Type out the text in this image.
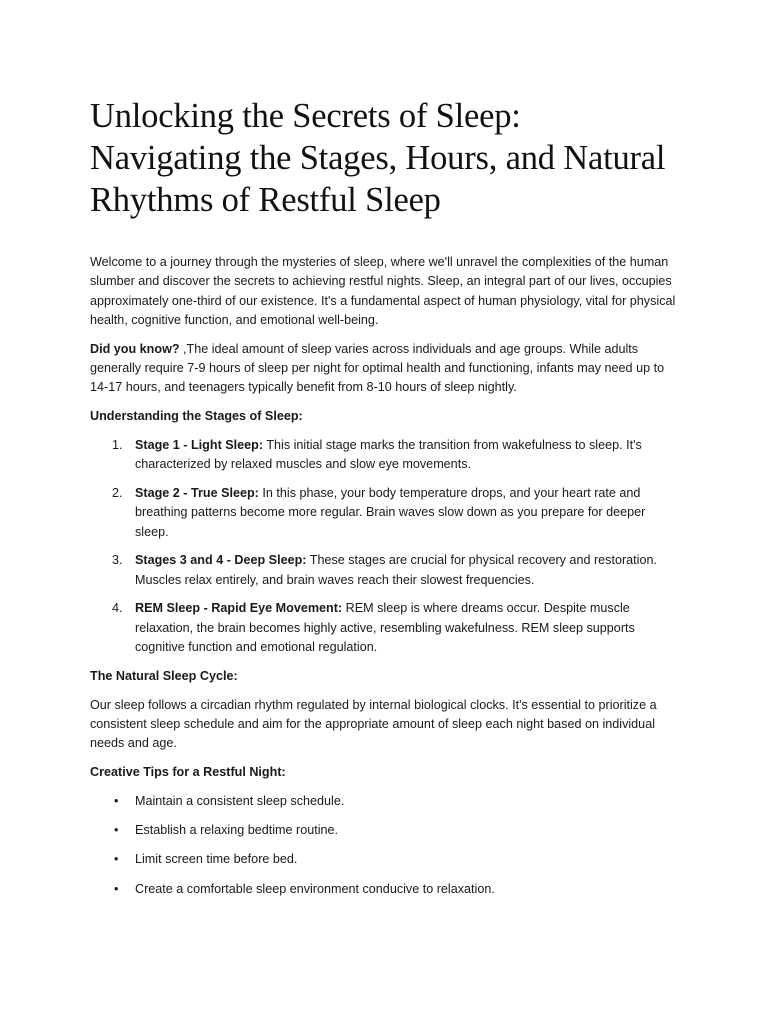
Unlocking the Secrets of Sleep: Navigating the Stages, Hours, and Natural Rhythms of Restful Sleep

Welcome to a journey through the mysteries of sleep, where we'll unravel the complexities of the human slumber and discover the secrets to achieving restful nights. Sleep, an integral part of our lives, occupies approximately one-third of our existence. It's a fundamental aspect of human physiology, vital for physical health, cognitive function, and emotional well-being.

Did you know? ,The ideal amount of sleep varies across individuals and age groups. While adults generally require 7-9 hours of sleep per night for optimal health and functioning, infants may need up to 14-17 hours, and teenagers typically benefit from 8-10 hours of sleep nightly.

Understanding the Stages of Sleep:

1. Stage 1 - Light Sleep: This initial stage marks the transition from wakefulness to sleep. It's characterized by relaxed muscles and slow eye movements.
2. Stage 2 - True Sleep: In this phase, your body temperature drops, and your heart rate and breathing patterns become more regular. Brain waves slow down as you prepare for deeper sleep.
3. Stages 3 and 4 - Deep Sleep: These stages are crucial for physical recovery and restoration. Muscles relax entirely, and brain waves reach their slowest frequencies.
4. REM Sleep - Rapid Eye Movement: REM sleep is where dreams occur. Despite muscle relaxation, the brain becomes highly active, resembling wakefulness. REM sleep supports cognitive function and emotional regulation.

The Natural Sleep Cycle:

Our sleep follows a circadian rhythm regulated by internal biological clocks. It's essential to prioritize a consistent sleep schedule and aim for the appropriate amount of sleep each night based on individual needs and age.

Creative Tips for a Restful Night:

• Maintain a consistent sleep schedule.
• Establish a relaxing bedtime routine.
• Limit screen time before bed.
• Create a comfortable sleep environment conducive to relaxation.
